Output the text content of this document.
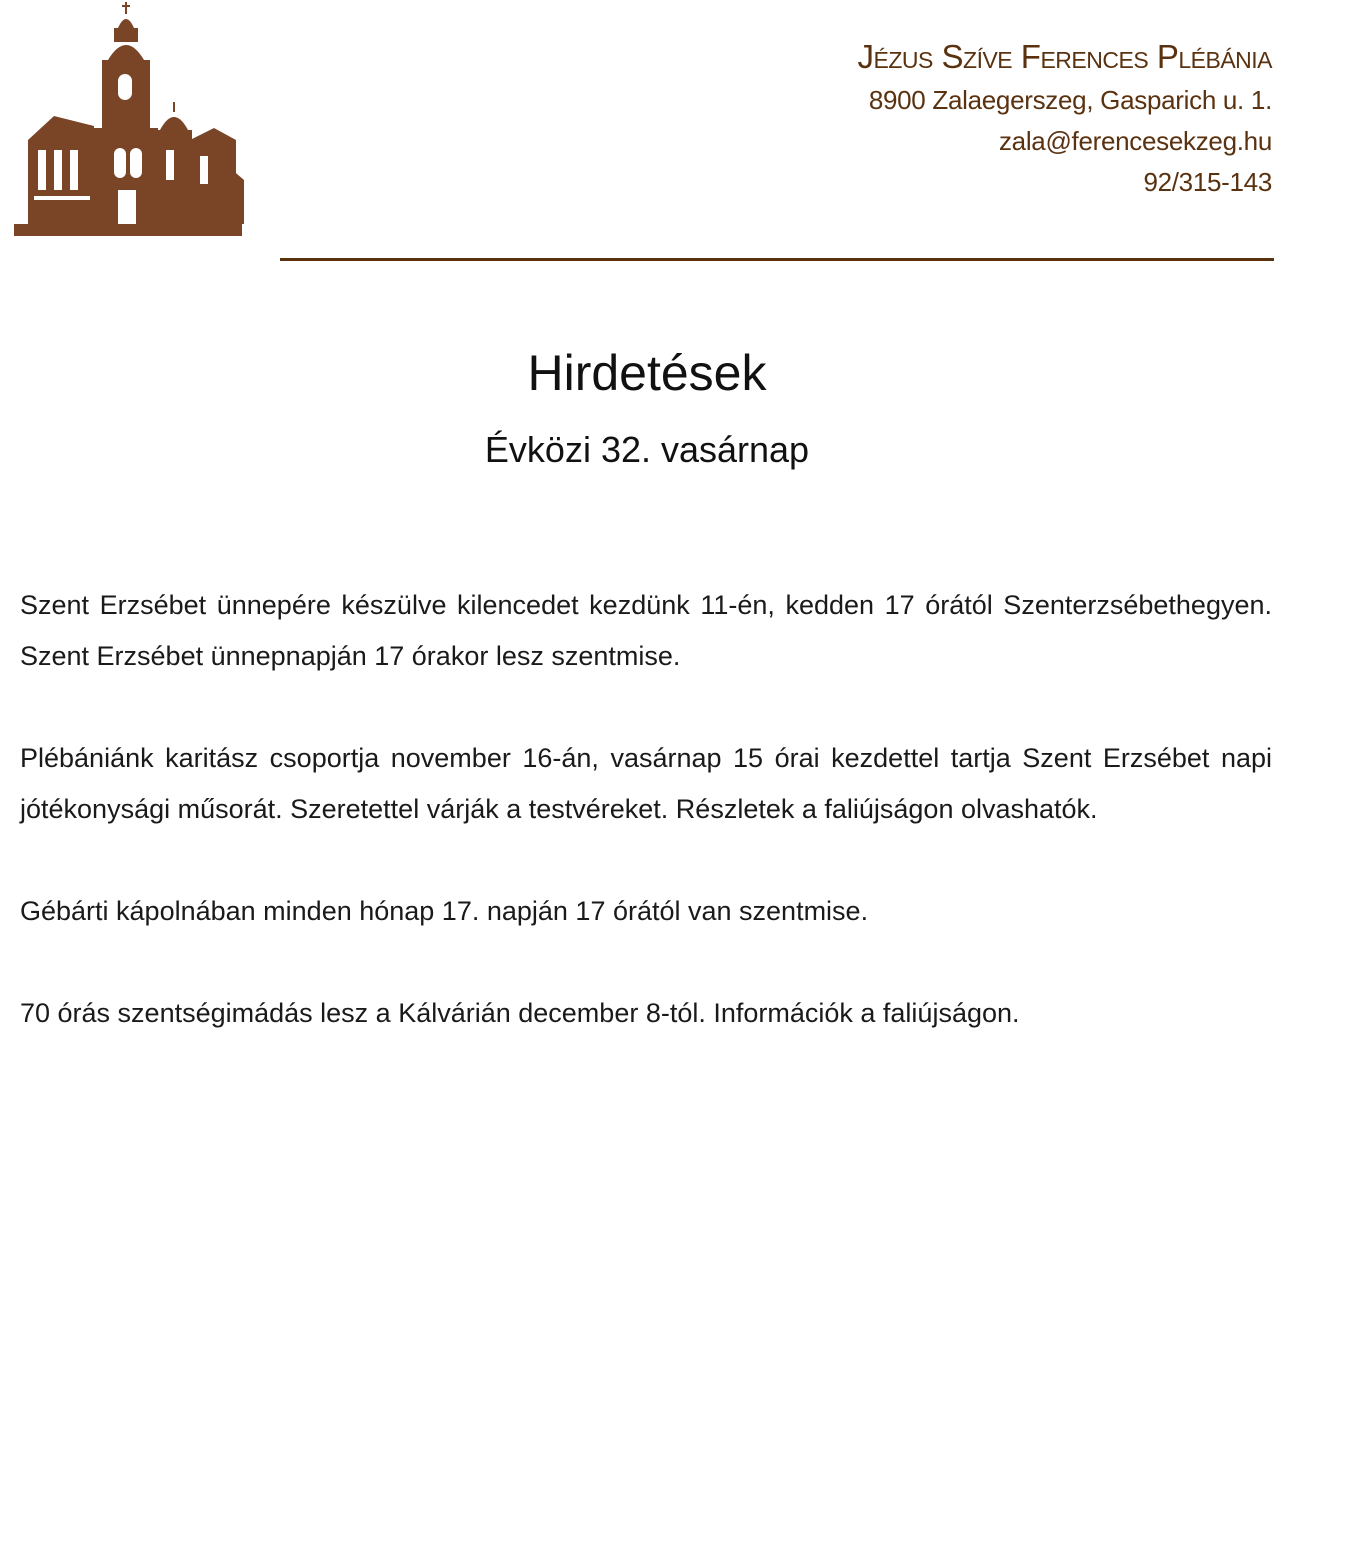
Jézus Szíve Ferences Plébánia
8900 Zalaegerszeg, Gasparich u. 1.
zala@ferencesekzeg.hu
92/315-143
Hirdetések
Évközi 32. vasárnap

Szent Erzsébet ünnepére készülve kilencedet kezdünk 11-én, kedden 17 órától Szenterzsébethegyen. Szent Erzsébet ünnepnapján 17 órakor lesz szentmise.

Plébániánk karitász csoportja november 16-án, vasárnap 15 órai kezdettel tartja Szent Erzsébet napi jótékonysági műsorát. Szeretettel várják a testvéreket. Részletek a faliújságon olvashatók.

Gébárti kápolnában minden hónap 17. napján 17 órától van szentmise.

70 órás szentségimádás lesz a Kálvárián december 8-tól. Információk a faliújságon.
